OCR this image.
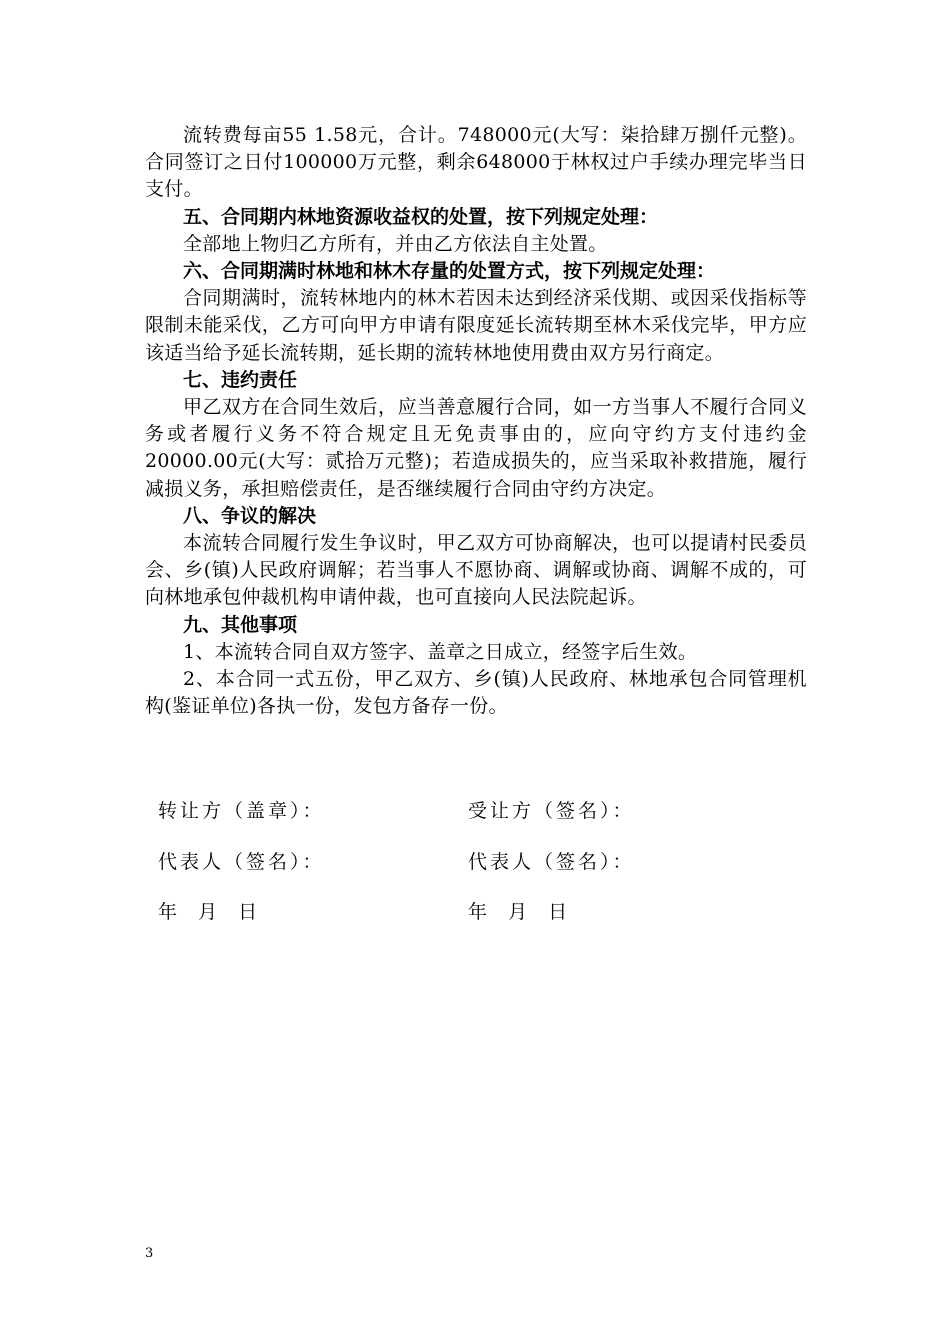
流转费每亩55 1.58元，合计。748000元(大写：柒拾肆万捌仟元整)。合同签订之日付100000万元整，剩余648000于林权过户手续办理完毕当日支付。

五、合同期内林地资源收益权的处置，按下列规定处理：

全部地上物归乙方所有，并由乙方依法自主处置。

六、合同期满时林地和林木存量的处置方式，按下列规定处理：

合同期满时，流转林地内的林木若因未达到经济采伐期、或因采伐指标等限制未能采伐，乙方可向甲方申请有限度延长流转期至林木采伐完毕，甲方应该适当给予延长流转期，延长期的流转林地使用费由双方另行商定。

七、违约责任

甲乙双方在合同生效后，应当善意履行合同，如一方当事人不履行合同义务或者履行义务不符合规定且无免责事由的，应向守约方支付违约金20000.00元(大写：贰拾万元整)；若造成损失的，应当采取补救措施，履行减损义务，承担赔偿责任，是否继续履行合同由守约方决定。

八、争议的解决

本流转合同履行发生争议时，甲乙双方可协商解决，也可以提请村民委员会、乡(镇)人民政府调解；若当事人不愿协商、调解或协商、调解不成的，可向林地承包仲裁机构申请仲裁，也可直接向人民法院起诉。

九、其他事项

1、本流转合同自双方签字、盖章之日成立，经签字后生效。

2、本合同一式五份，甲乙双方、乡(镇)人民政府、林地承包合同管理机构(鉴证单位)各执一份，发包方备存一份。

转让方（盖章）：	受让方（签名）：
代表人（签名）：	代表人（签名）：
年  月  日	年  月  日
3
